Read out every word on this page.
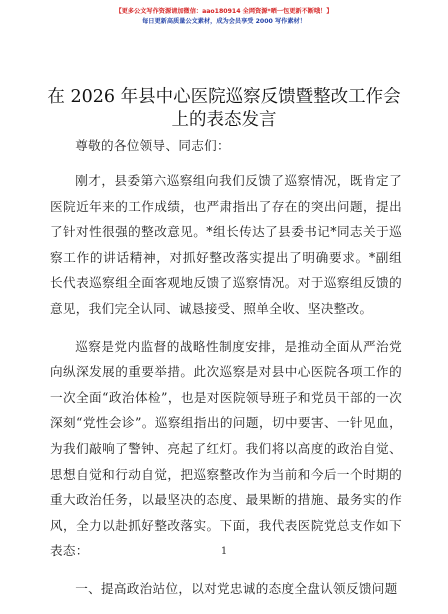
【更多公文写作资源请加微信：aao180914 全网资源*晒一包更新不断哦！】
每日更新高质量公文素材，成为会员享受 2000 写作素材！
在 2026 年县中心医院巡察反馈暨整改工作会上的表态发言

尊敬的各位领导、同志们：

刚才，县委第六巡察组向我们反馈了巡察情况，既肯定了医院近年来的工作成绩，也严肃指出了存在的突出问题，提出了针对性很强的整改意见。*组长传达了县委书记*同志关于巡察工作的讲话精神，对抓好整改落实提出了明确要求。*副组长代表巡察组全面客观地反馈了巡察情况。对于巡察组反馈的意见，我们完全认同、诚恳接受、照单全收、坚决整改。

巡察是党内监督的战略性制度安排，是推动全面从严治党向纵深发展的重要举措。此次巡察是对县中心医院各项工作的一次全面“政治体检”，也是对医院领导班子和党员干部的一次深刻“党性会诊”。巡察组指出的问题，切中要害、一针见血，为我们敲响了警钟、亮起了红灯。我们将以高度的政治自觉、思想自觉和行动自觉，把巡察整改作为当前和今后一个时期的重大政治任务，以最坚决的态度、最果断的措施、最务实的作风，全力以赴抓好整改落实。下面，我代表医院党总支作如下表态：

一、提高政治站位，以对党忠诚的态度全盘认领反馈问题

1
